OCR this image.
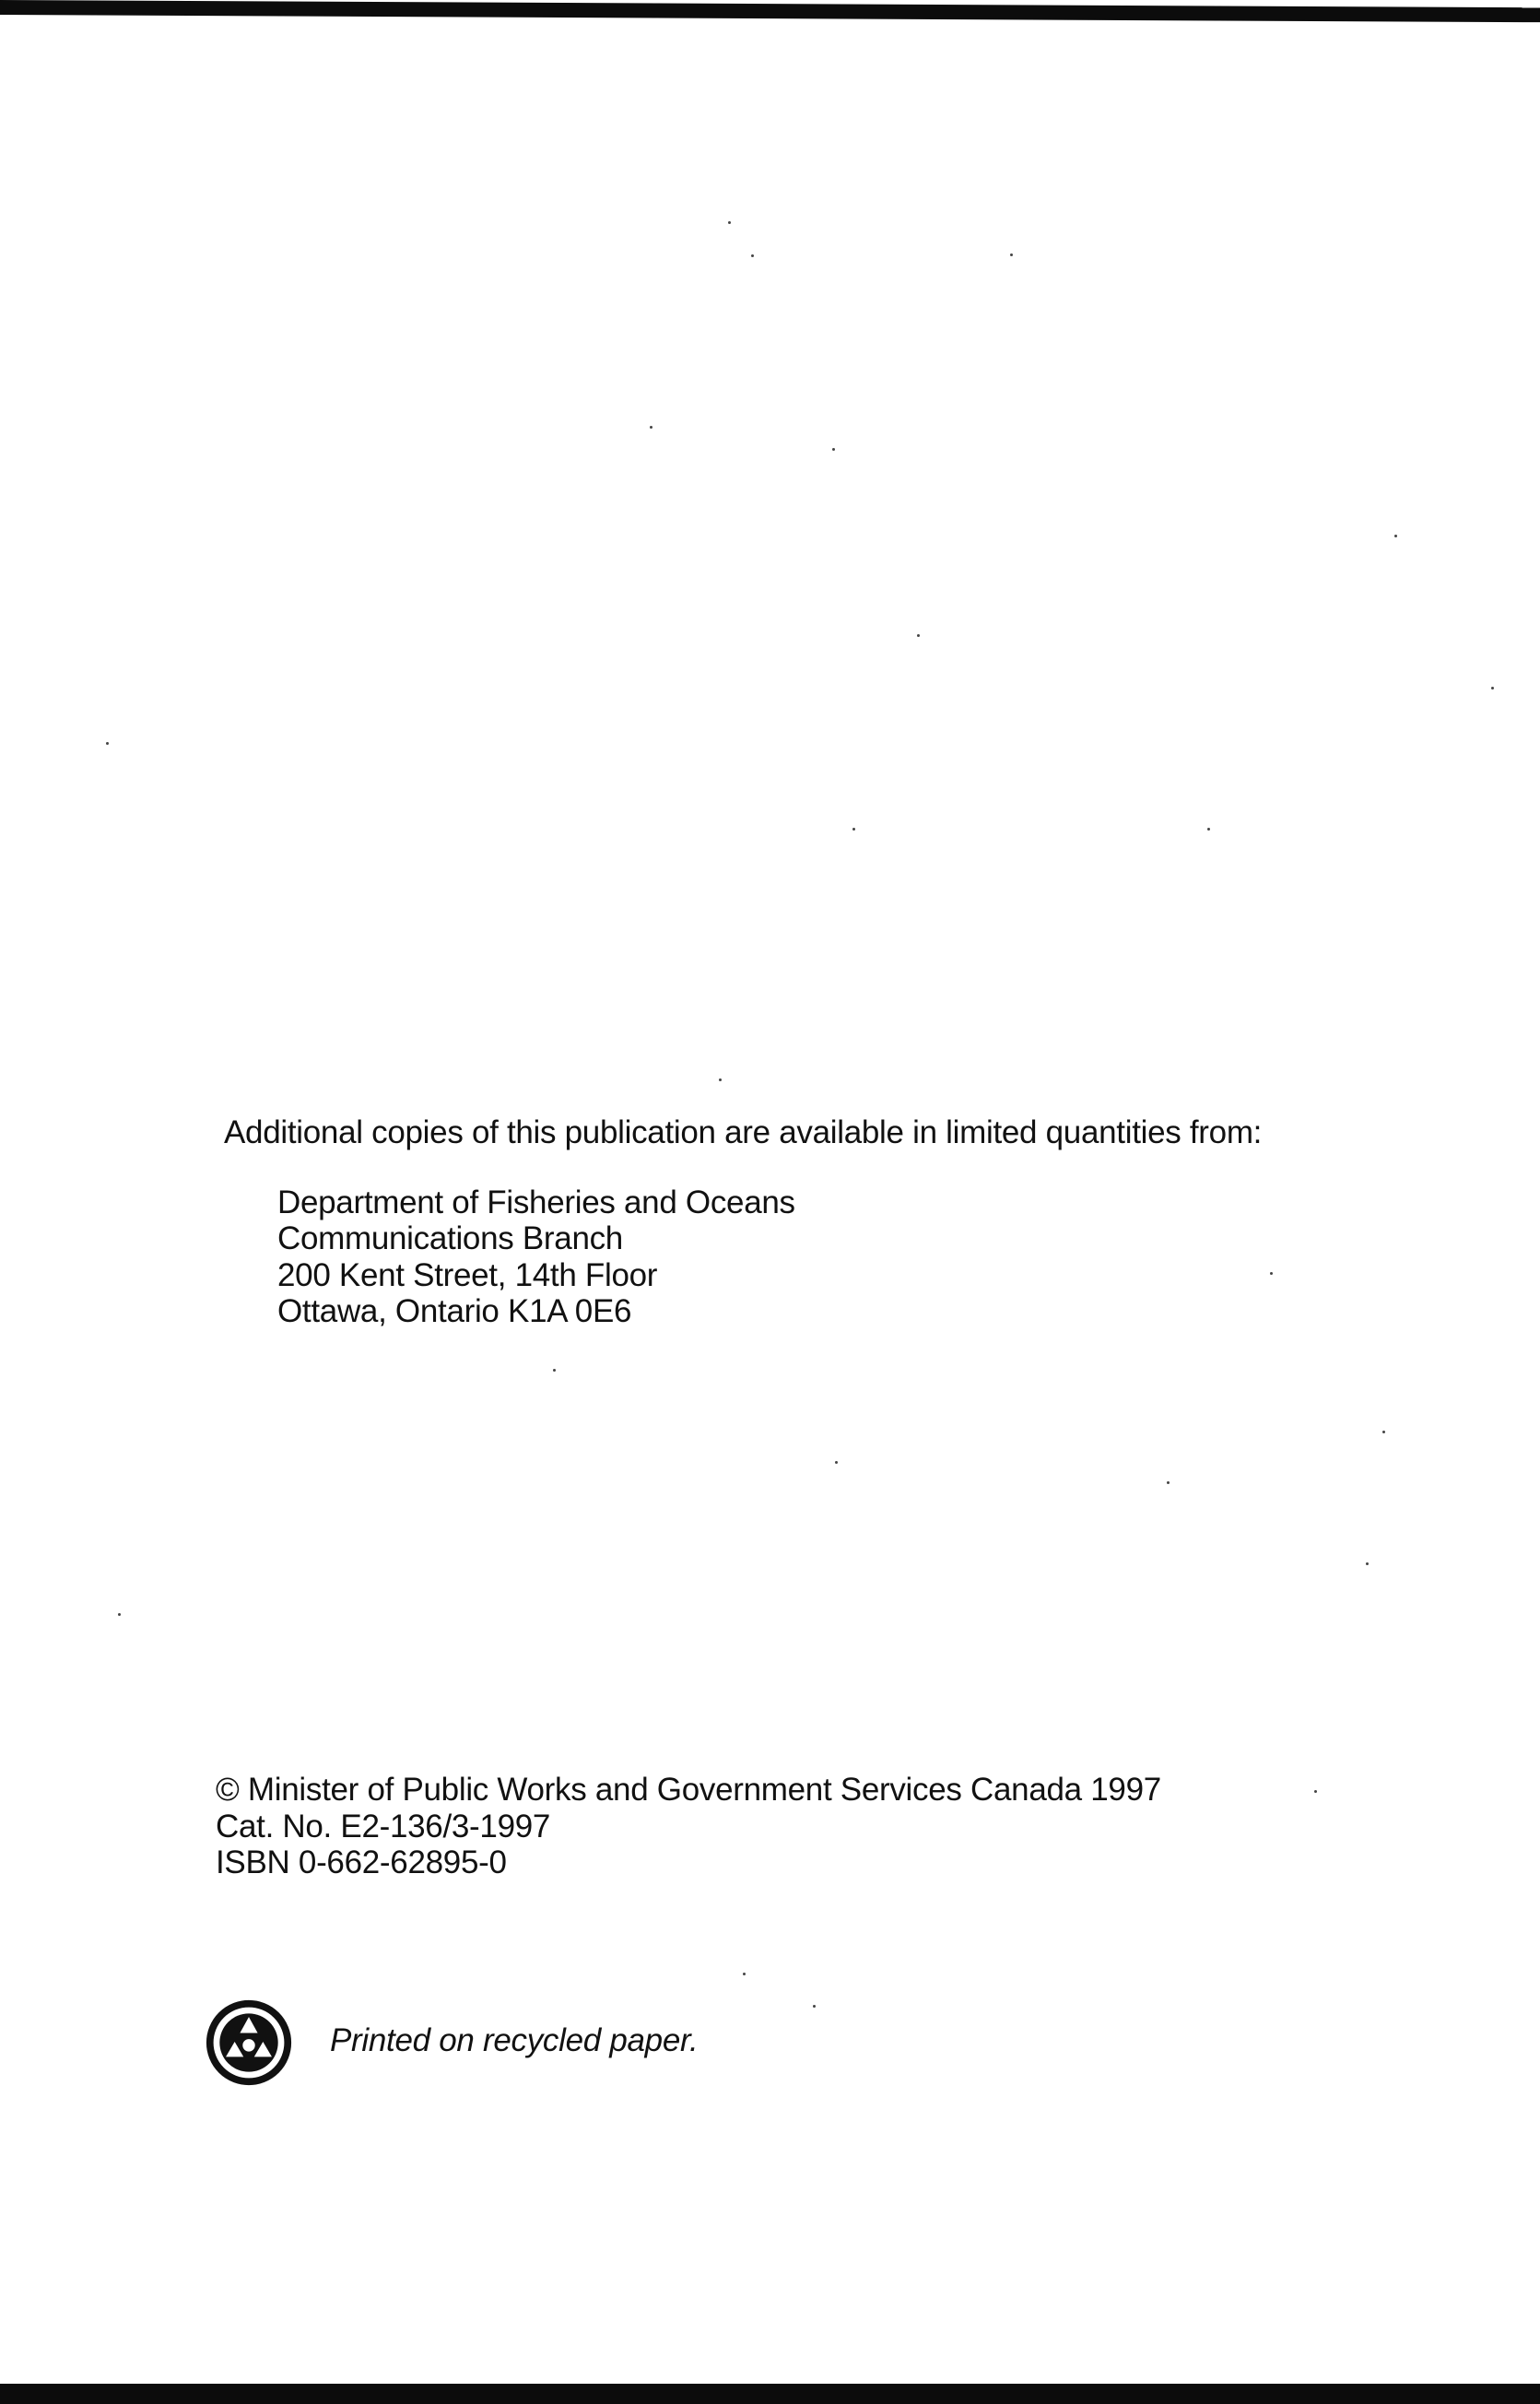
Additional copies of this publication are available in limited quantities from:
Department of Fisheries and Oceans
Communications Branch
200 Kent Street, 14th Floor
Ottawa, Ontario K1A 0E6
© Minister of Public Works and Government Services Canada 1997
Cat. No. E2-136/3-1997
ISBN 0-662-62895-0
Printed on recycled paper.
